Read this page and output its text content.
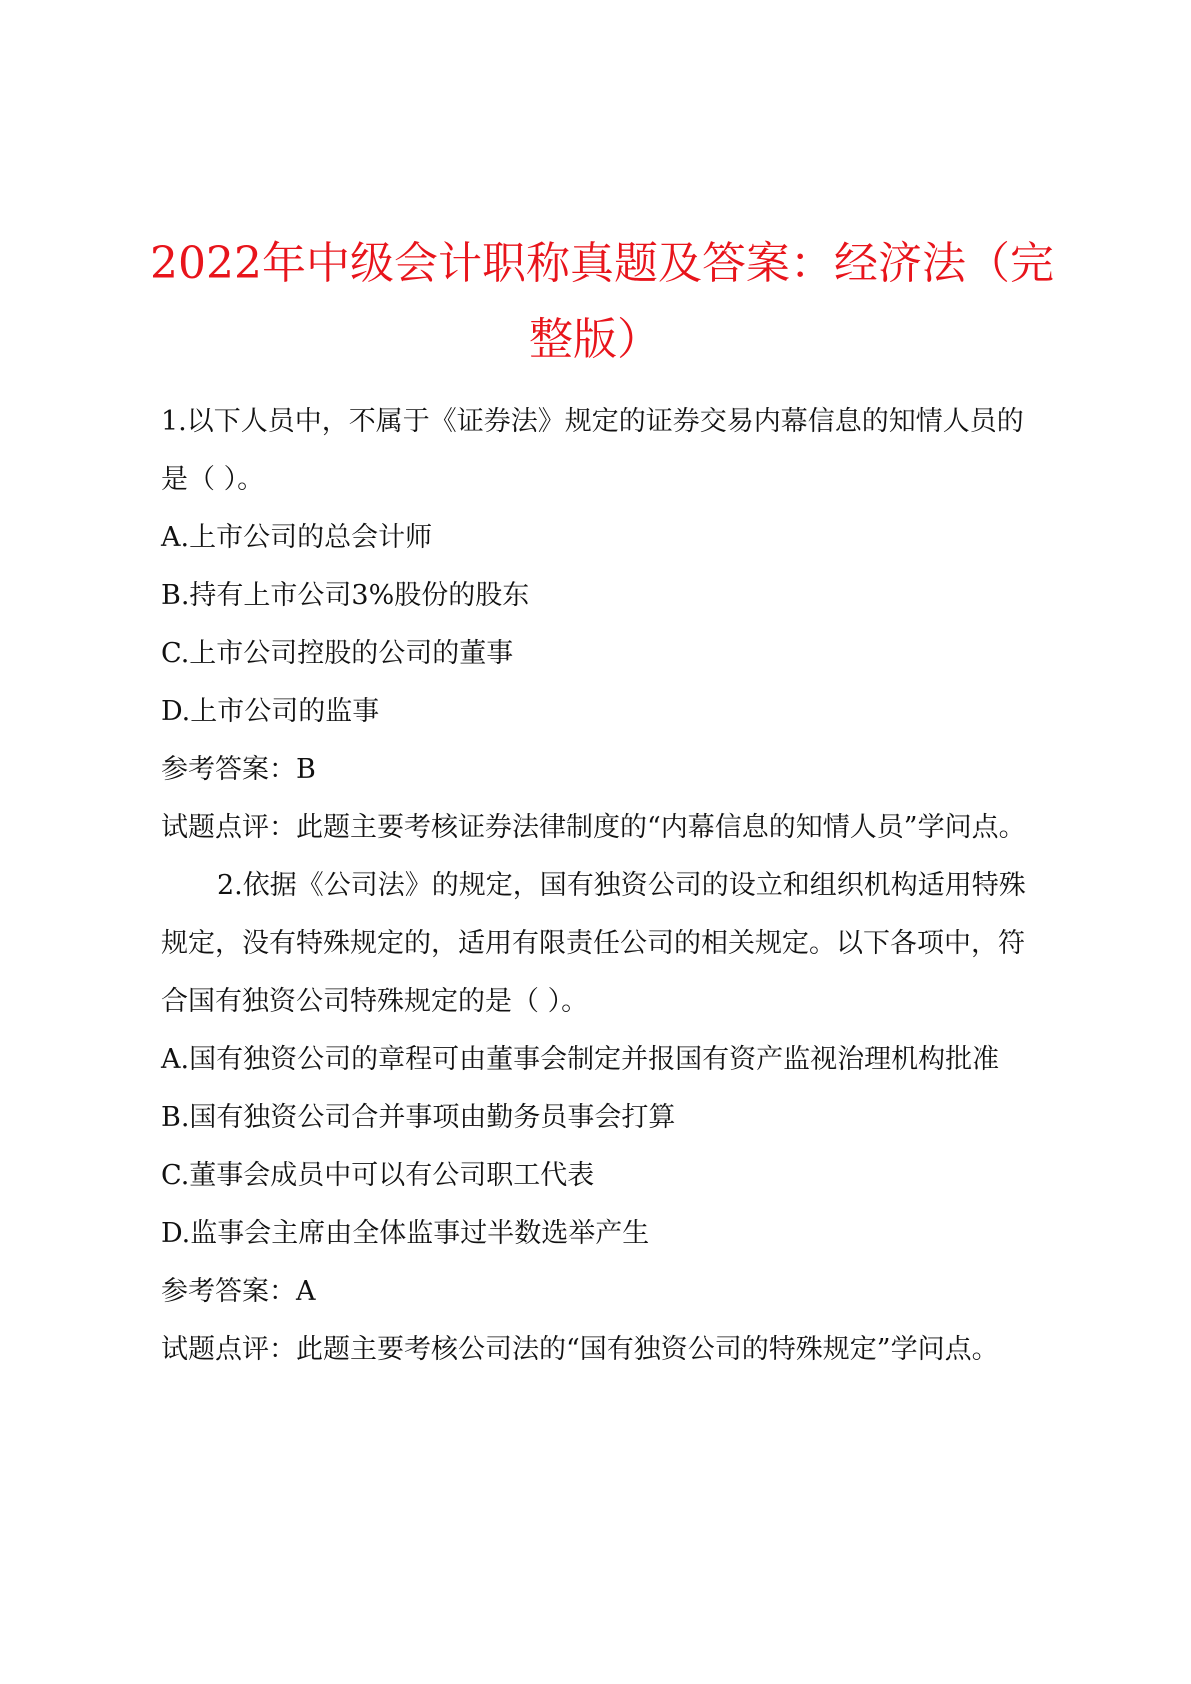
2022年中级会计职称真题及答案：经济法（完
整版）
1.以下人员中，不属于《证券法》规定的证券交易内幕信息的知情人员的
是（ ）。
A.上市公司的总会计师
B.持有上市公司3%股份的股东
C.上市公司控股的公司的董事
D.上市公司的监事
参考答案：B
试题点评：此题主要考核证券法律制度的“内幕信息的知情人员”学问点。
2.依据《公司法》的规定，国有独资公司的设立和组织机构适用特殊
规定，没有特殊规定的，适用有限责任公司的相关规定。以下各项中，符
合国有独资公司特殊规定的是（ ）。
A.国有独资公司的章程可由董事会制定并报国有资产监视治理机构批准
B.国有独资公司合并事项由勤务员事会打算
C.董事会成员中可以有公司职工代表
D.监事会主席由全体监事过半数选举产生
参考答案：A
试题点评：此题主要考核公司法的“国有独资公司的特殊规定”学问点。
